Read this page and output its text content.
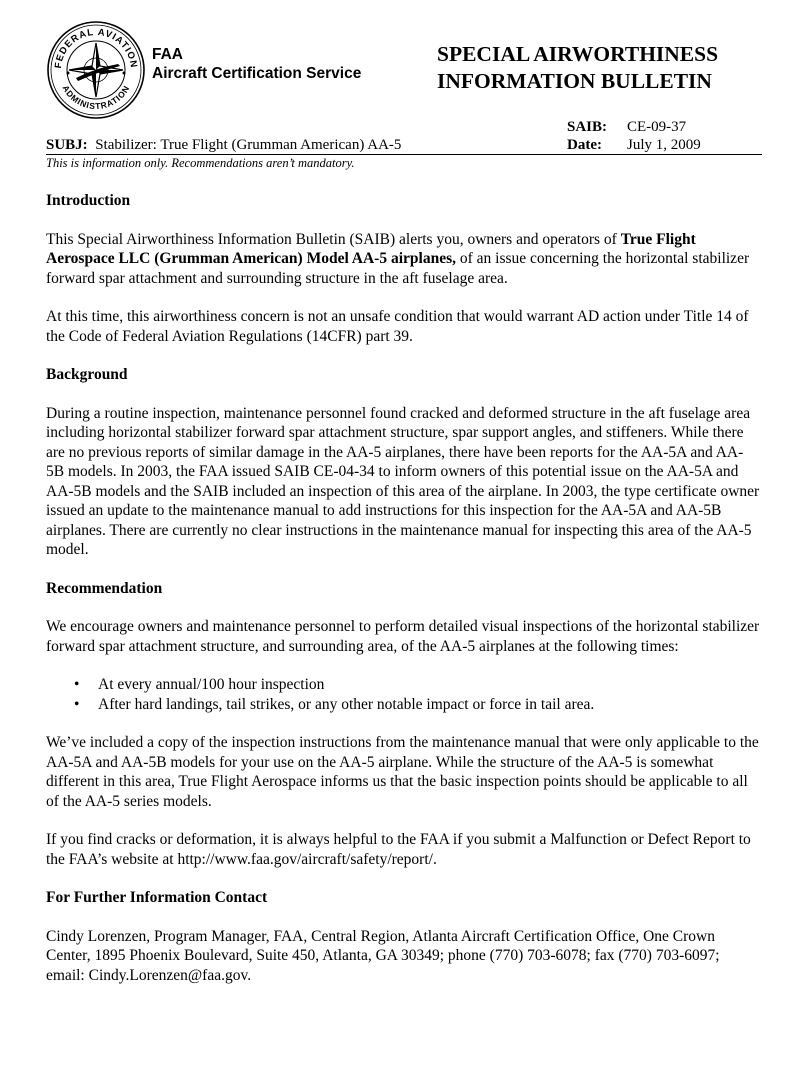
FEDERAL AVIATION
ADMINISTRATION
FAA
Aircraft Certification Service
SPECIAL AIRWORTHINESS
INFORMATION BULLETIN
SAIB: CE-09-37
Date: July 1, 2009
SUBJ: Stabilizer: True Flight (Grumman American) AA-5
This is information only. Recommendations aren’t mandatory.
Introduction

This Special Airworthiness Information Bulletin (SAIB) alerts you, owners and operators of True Flight Aerospace LLC (Grumman American) Model AA-5 airplanes, of an issue concerning the horizontal stabilizer forward spar attachment and surrounding structure in the aft fuselage area.

At this time, this airworthiness concern is not an unsafe condition that would warrant AD action under Title 14 of the Code of Federal Aviation Regulations (14CFR) part 39.

Background

During a routine inspection, maintenance personnel found cracked and deformed structure in the aft fuselage area including horizontal stabilizer forward spar attachment structure, spar support angles, and stiffeners. While there are no previous reports of similar damage in the AA-5 airplanes, there have been reports for the AA-5A and AA-5B models. In 2003, the FAA issued SAIB CE-04-34 to inform owners of this potential issue on the AA-5A and AA-5B models and the SAIB included an inspection of this area of the airplane. In 2003, the type certificate owner issued an update to the maintenance manual to add instructions for this inspection for the AA-5A and AA-5B airplanes. There are currently no clear instructions in the maintenance manual for inspecting this area of the AA-5 model.

Recommendation

We encourage owners and maintenance personnel to perform detailed visual inspections of the horizontal stabilizer forward spar attachment structure, and surrounding area, of the AA-5 airplanes at the following times:

• At every annual/100 hour inspection
• After hard landings, tail strikes, or any other notable impact or force in tail area.

We’ve included a copy of the inspection instructions from the maintenance manual that were only applicable to the AA-5A and AA-5B models for your use on the AA-5 airplane. While the structure of the AA-5 is somewhat different in this area, True Flight Aerospace informs us that the basic inspection points should be applicable to all of the AA-5 series models.

If you find cracks or deformation, it is always helpful to the FAA if you submit a Malfunction or Defect Report to the FAA’s website at http://www.faa.gov/aircraft/safety/report/.

For Further Information Contact

Cindy Lorenzen, Program Manager, FAA, Central Region, Atlanta Aircraft Certification Office, One Crown Center, 1895 Phoenix Boulevard, Suite 450, Atlanta, GA 30349; phone (770) 703-6078; fax (770) 703-6097; email: Cindy.Lorenzen@faa.gov.
